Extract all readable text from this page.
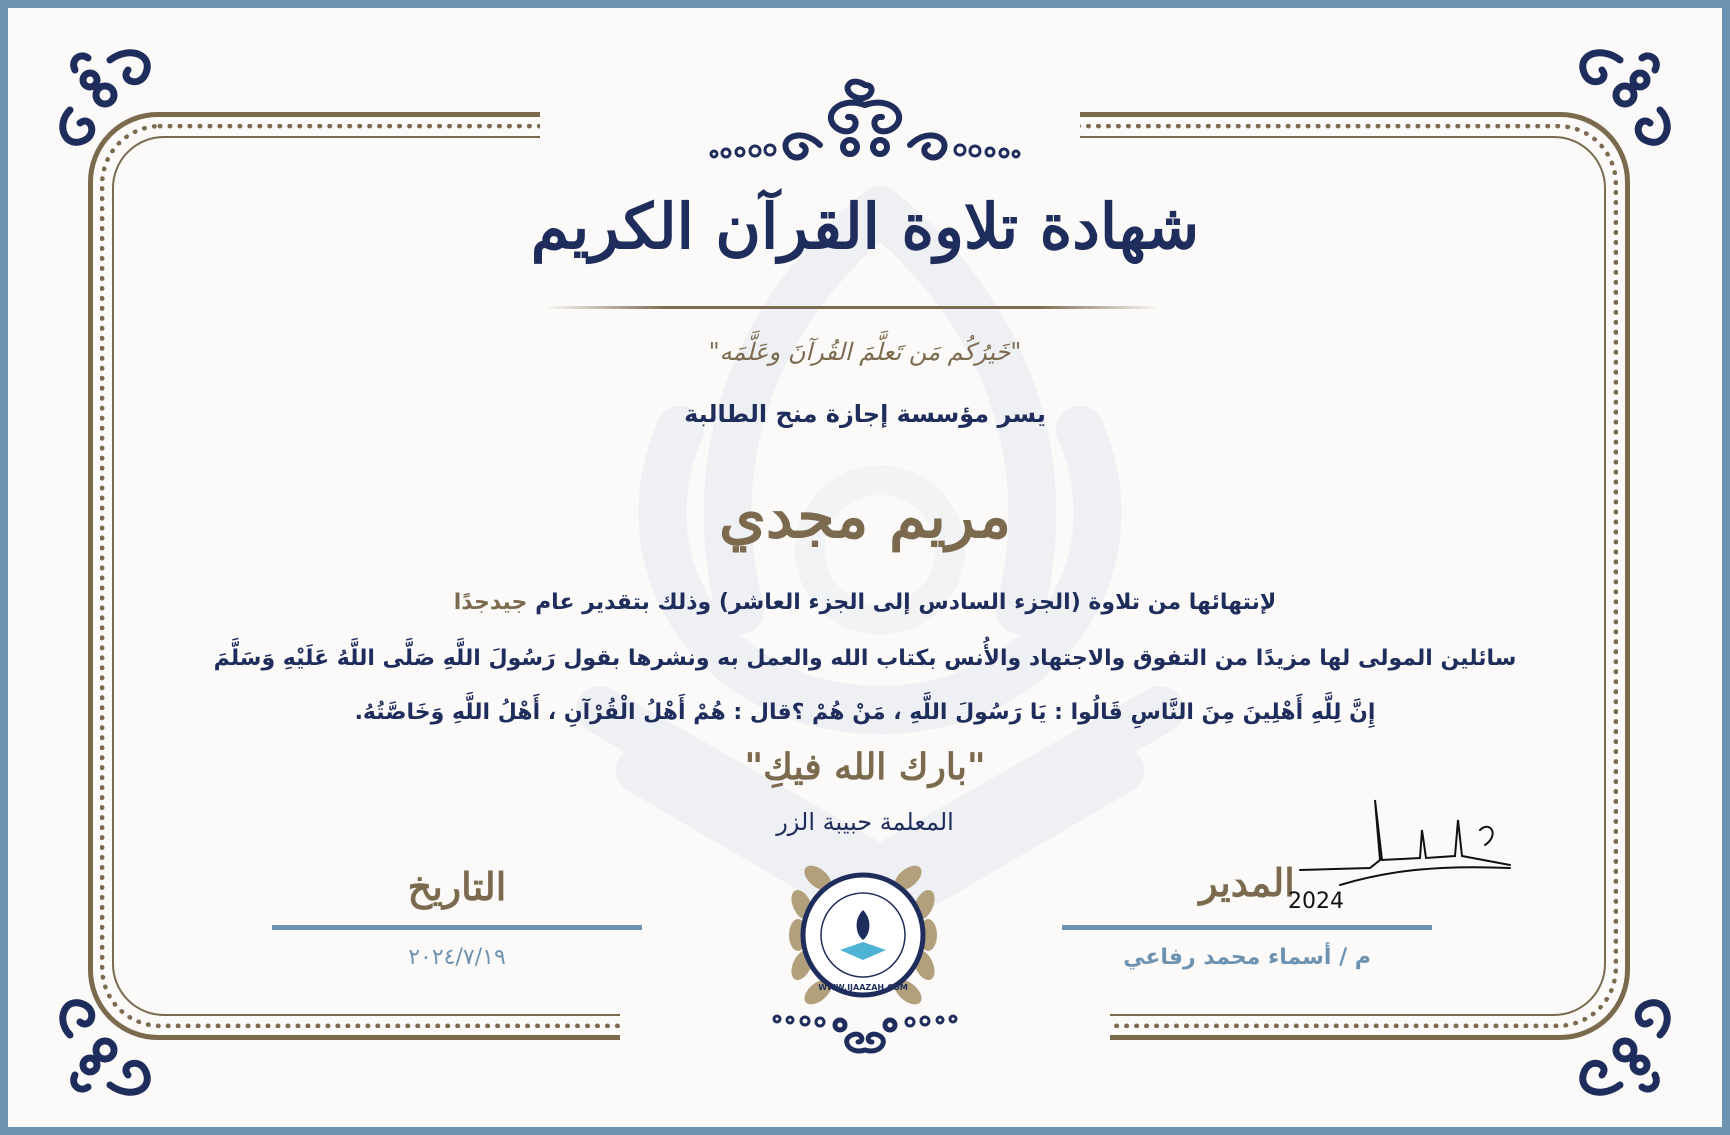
شهادة تلاوة القرآن الكريم
"خَيرُكُم مَن تَعلَّمَ القُرآنَ وعَلَّمَه"
يسر مؤسسة إجازة منح الطالبة
مريم مجدي
لإنتهائها من تلاوة (الجزء السادس إلى الجزء العاشر) وذلك بتقدير عام جيدجدًا
سائلين المولى لها مزيدًا من التفوق والاجتهاد والأُنس بكتاب الله والعمل به ونشرها بقول رَسُولَ اللَّهِ صَلَّى اللَّهُ عَلَيْهِ وَسَلَّمَ
إِنَّ لِلَّهِ أَهْلِينَ مِنَ النَّاسِ قَالُوا : يَا رَسُولَ اللَّهِ ، مَنْ هُمْ ؟قال : هُمْ أَهْلُ الْقُرْآنِ ، أَهْلُ اللَّهِ وَخَاصَّتُهُ.
"بارك الله فيكِ"
المعلمة حبيبة الزر
التاريخ
٢٠٢٤/٧/١٩
المدير
م / أسماء محمد رفاعي
2024
WWW.IJAAZAH.COM
